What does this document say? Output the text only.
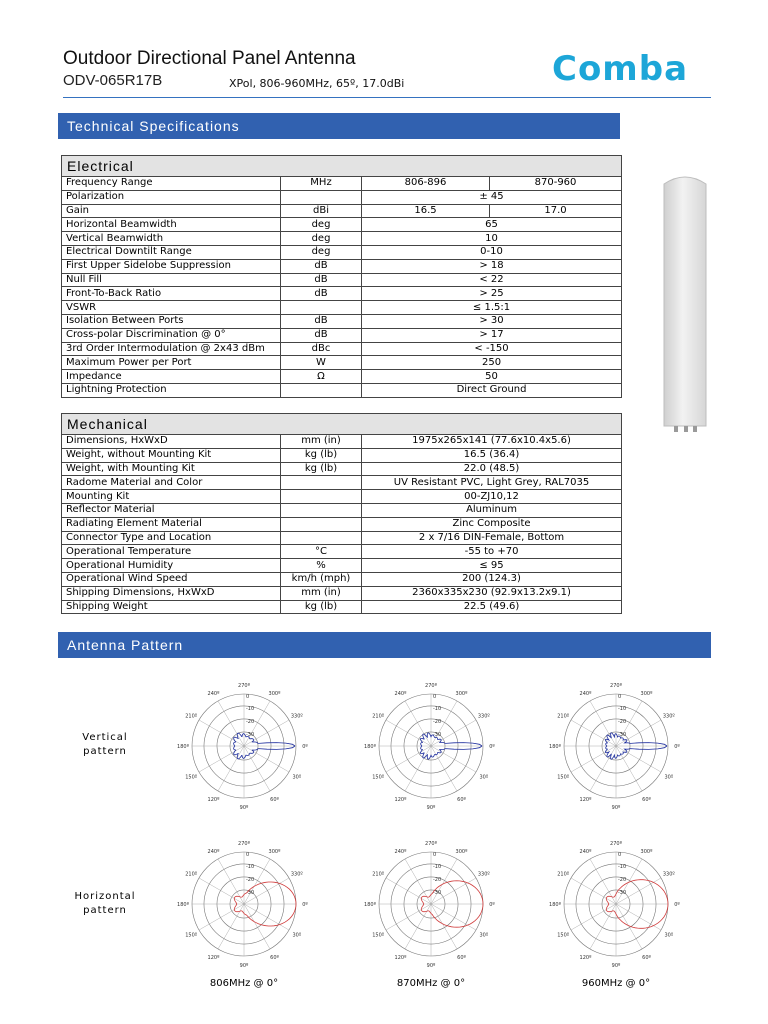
Outdoor Directional Panel Antenna
ODV-065R17B	XPol, 806-960MHz, 65º, 17.0dBi	Comba
Technical Specifications
Electrical			
Frequency Range	MHz	806-896	870-960
Polarization		± 45	
Gain	dBi	16.5	17.0
Horizontal Beamwidth	deg	65	
Vertical Beamwidth	deg	10	
Electrical Downtilt Range	deg	0-10	
First Upper Sidelobe Suppression	dB	> 18	
Null Fill	dB	< 22	
Front-To-Back Ratio	dB	> 25	
VSWR		≤ 1.5:1	
Isolation Between Ports	dB	> 30	
Cross-polar Discrimination @ 0°	dB	> 17	
3rd Order Intermodulation @ 2x43 dBm	dBc	< -150	
Maximum Power per Port	W	250	
Impedance	Ω	50	
Lightning Protection		Direct Ground	
Mechanical		
Dimensions, HxWxD	mm (in)	1975x265x141 (77.6x10.4x5.6)
Weight, without Mounting Kit	kg (lb)	16.5 (36.4)
Weight, with Mounting Kit	kg (lb)	22.0 (48.5)
Radome Material and Color		UV Resistant PVC, Light Grey, RAL7035
Mounting Kit		00-ZJ10,12
Reflector Material		Aluminum
Radiating Element Material		Zinc Composite
Connector Type and Location		2 x 7/16 DIN-Female, Bottom
Operational Temperature	°C	-55 to +70
Operational Humidity	%	≤ 95
Operational Wind Speed	km/h (mph)	200 (124.3)
Shipping Dimensions, HxWxD	mm (in)	2360x335x230 (92.9x13.2x9.1)
Shipping Weight	kg (lb)	22.5 (49.6)
Antenna Pattern
Vertical
pattern
Horizontal
pattern
270º
300º
330º
0º
30º
60º
90º
120º
150º
180º
210º
240º	0
-10
-20
-30
270º
300º
330º
0º
30º
60º
90º
120º
150º
180º
210º
240º	0
-10
-20
-30
270º
300º
330º
0º
30º
60º
90º
120º
150º
180º
210º
240º	0
-10
-20
-30
270º
300º
330º
0º
30º
60º
90º
120º
150º
180º
210º
240º	0
-10
-20
-30
270º
300º
330º
0º
30º
60º
90º
120º
150º
180º
210º
240º	0
-10
-20
-30
270º
300º
330º
0º
30º
60º
90º
120º
150º
180º
210º
240º	0
-10
-20
-30
806MHz @ 0°	870MHz @ 0°	960MHz @ 0°
